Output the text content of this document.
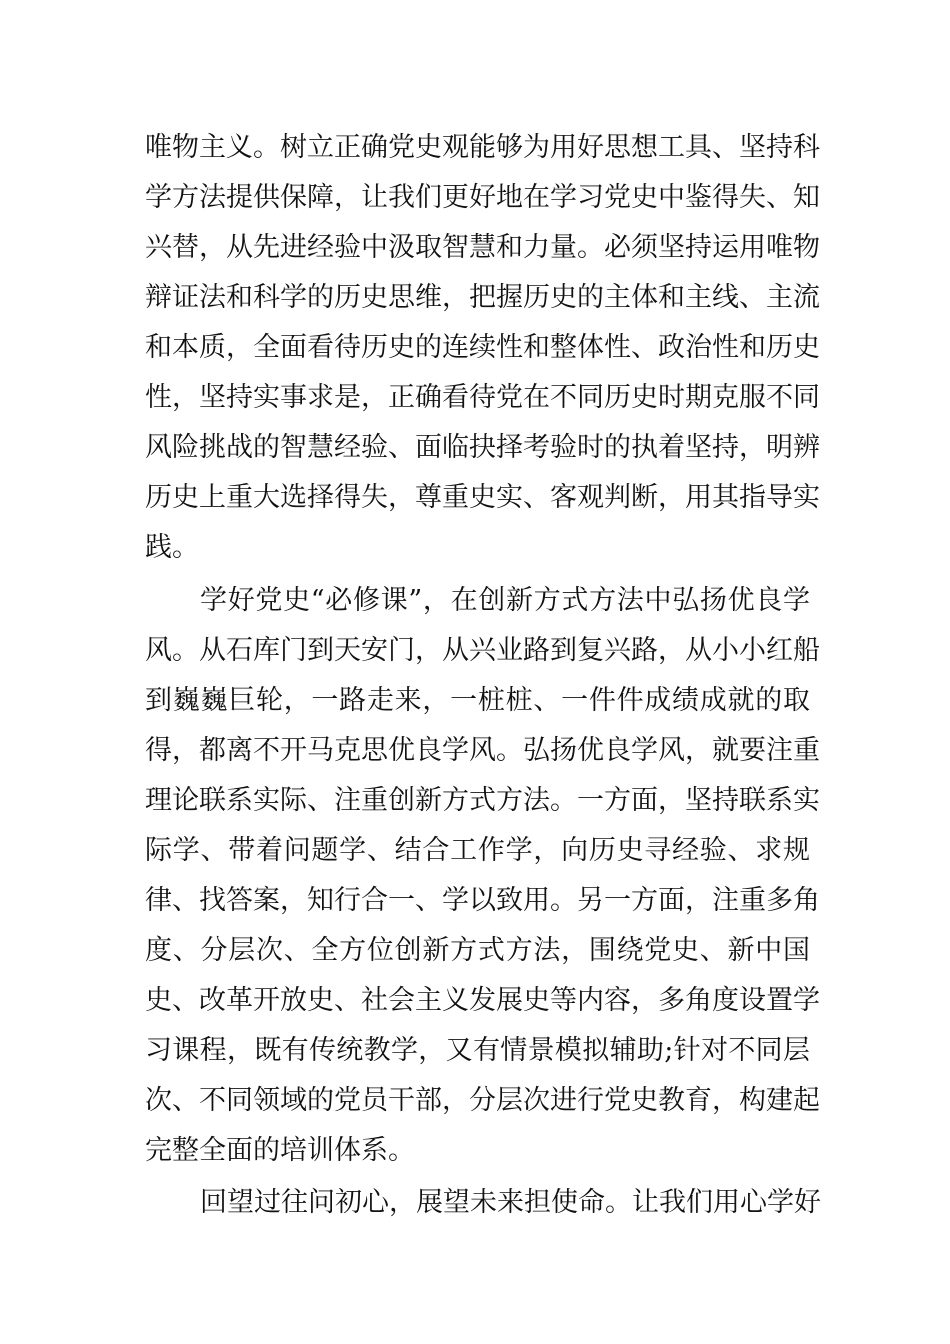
唯物主义。树立正确党史观能够为用好思想工具、坚持科
学方法提供保障，让我们更好地在学习党史中鉴得失、知
兴替，从先进经验中汲取智慧和力量。必须坚持运用唯物
辩证法和科学的历史思维，把握历史的主体和主线、主流
和本质，全面看待历史的连续性和整体性、政治性和历史
性，坚持实事求是，正确看待党在不同历史时期克服不同
风险挑战的智慧经验、面临抉择考验时的执着坚持，明辨
历史上重大选择得失，尊重史实、客观判断，用其指导实
践。
学好党史“必修课”，在创新方式方法中弘扬优良学
风。从石库门到天安门，从兴业路到复兴路，从小小红船
到巍巍巨轮，一路走来，一桩桩、一件件成绩成就的取
得，都离不开马克思优良学风。弘扬优良学风，就要注重
理论联系实际、注重创新方式方法。一方面，坚持联系实
际学、带着问题学、结合工作学，向历史寻经验、求规
律、找答案，知行合一、学以致用。另一方面，注重多角
度、分层次、全方位创新方式方法，围绕党史、新中国
史、改革开放史、社会主义发展史等内容，多角度设置学
习课程，既有传统教学，又有情景模拟辅助;针对不同层
次、不同领域的党员干部，分层次进行党史教育，构建起
完整全面的培训体系。
回望过往问初心，展望未来担使命。让我们用心学好
